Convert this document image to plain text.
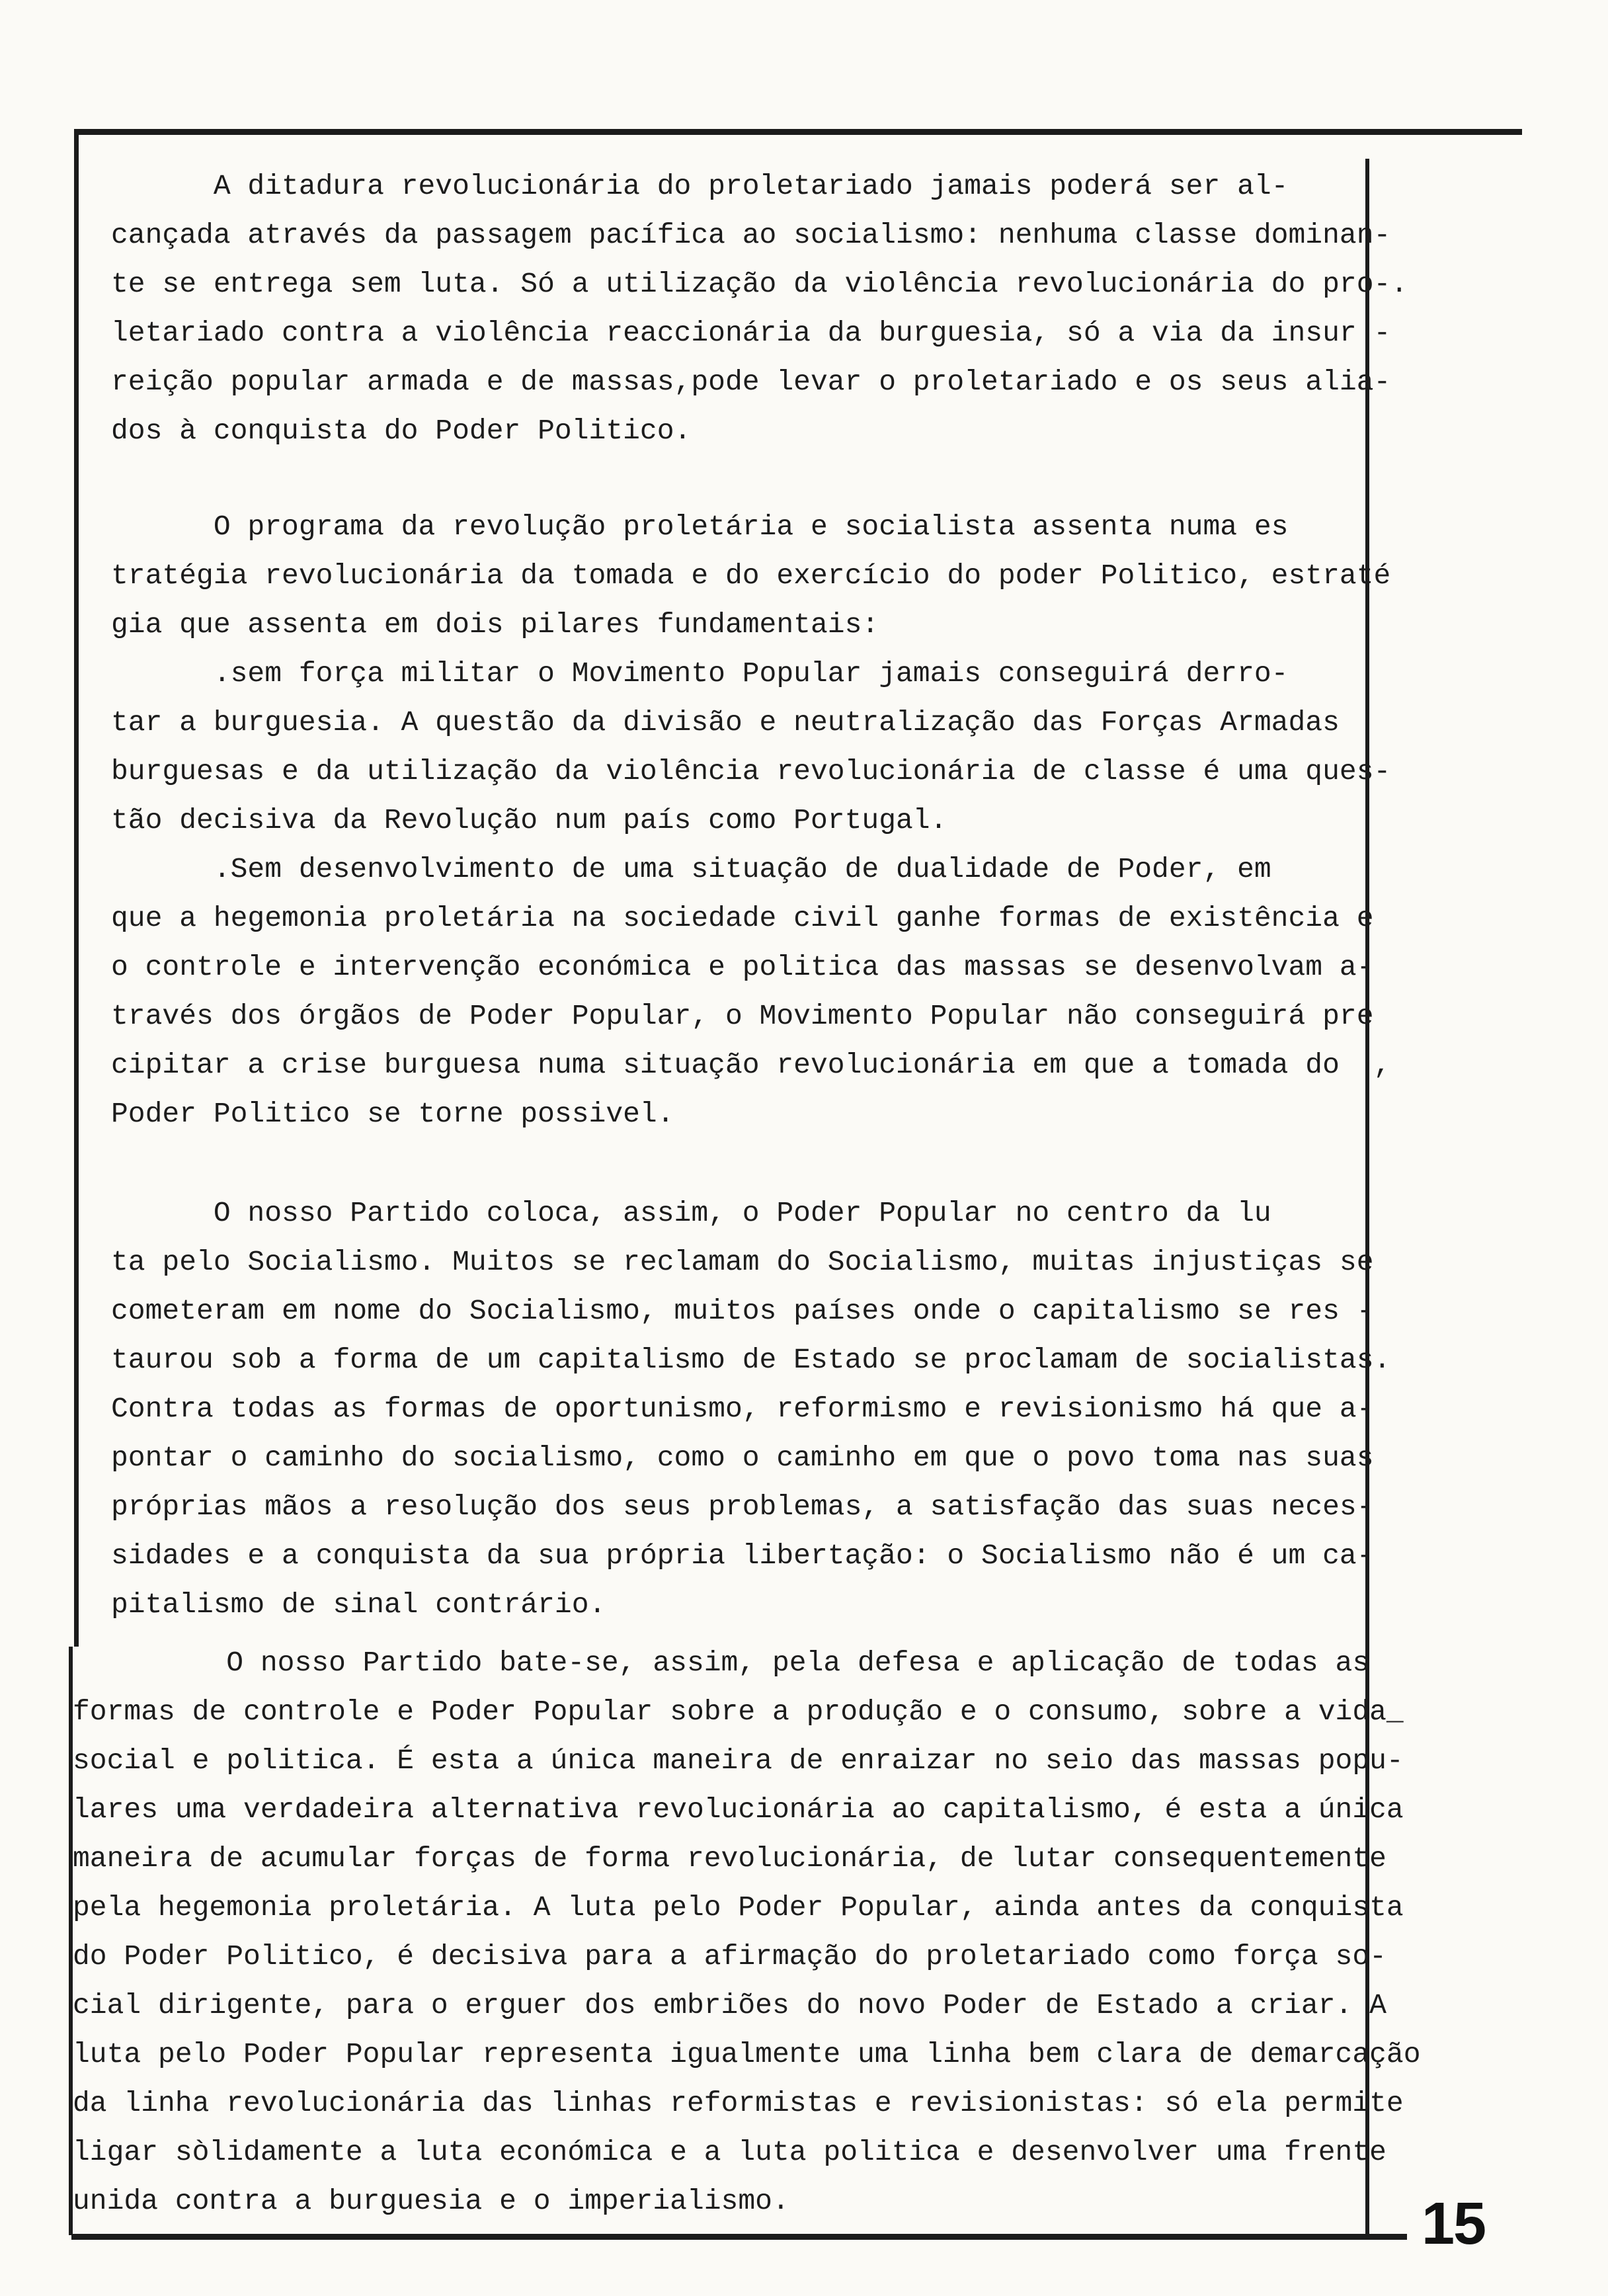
A ditadura revolucionária do proletariado jamais poderá ser al-

cançada através da passagem pacífica ao socialismo: nenhuma classe dominan-

te se entrega sem luta. Só a utilização da violência revolucionária do pro-.

letariado contra a violência reaccionária da burguesia, só a via da insur -

reição popular armada e de massas,pode levar o proletariado e os seus alia-

dos à conquista do Poder Politico.

O programa da revolução proletária e socialista assenta numa es

tratégia revolucionária da tomada e do exercício do poder Politico, estraté

gia que assenta em dois pilares fundamentais:

.sem força militar o Movimento Popular jamais conseguirá derro-

tar a burguesia. A questão da divisão e neutralização das Forças Armadas

burguesas e da utilização da violência revolucionária de classe é uma ques-

tão decisiva da Revolução num país como Portugal.

.Sem desenvolvimento de uma situação de dualidade de Poder, em

que a hegemonia proletária na sociedade civil ganhe formas de existência e

o controle e intervenção económica e politica das massas se desenvolvam a-

través dos órgãos de Poder Popular, o Movimento Popular não conseguirá pre

cipitar a crise burguesa numa situação revolucionária em que a tomada do  ,

Poder Politico se torne possivel.

O nosso Partido coloca, assim, o Poder Popular no centro da lu

ta pelo Socialismo. Muitos se reclamam do Socialismo, muitas injustiças se

cometeram em nome do Socialismo, muitos países onde o capitalismo se res -

taurou sob a forma de um capitalismo de Estado se proclamam de socialistas.

Contra todas as formas de oportunismo, reformismo e revisionismo há que a-

pontar o caminho do socialismo, como o caminho em que o povo toma nas suas

próprias mãos a resolução dos seus problemas, a satisfação das suas neces-

sidades e a conquista da sua própria libertação: o Socialismo não é um ca-

pitalismo de sinal contrário.

O nosso Partido bate-se, assim, pela defesa e aplicação de todas as

formas de controle e Poder Popular sobre a produção e o consumo, sobre a vida_

social e politica. É esta a única maneira de enraizar no seio das massas popu-

lares uma verdadeira alternativa revolucionária ao capitalismo, é esta a única

maneira de acumular forças de forma revolucionária, de lutar consequentemente

pela hegemonia proletária. A luta pelo Poder Popular, ainda antes da conquista

do Poder Politico, é decisiva para a afirmação do proletariado como força so-

cial dirigente, para o erguer dos embriões do novo Poder de Estado a criar. A

luta pelo Poder Popular representa igualmente uma linha bem clara de demarcação

da linha revolucionária das linhas reformistas e revisionistas: só ela permite

ligar sòlidamente a luta económica e a luta politica e desenvolver uma frente

unida contra a burguesia e o imperialismo.	15
